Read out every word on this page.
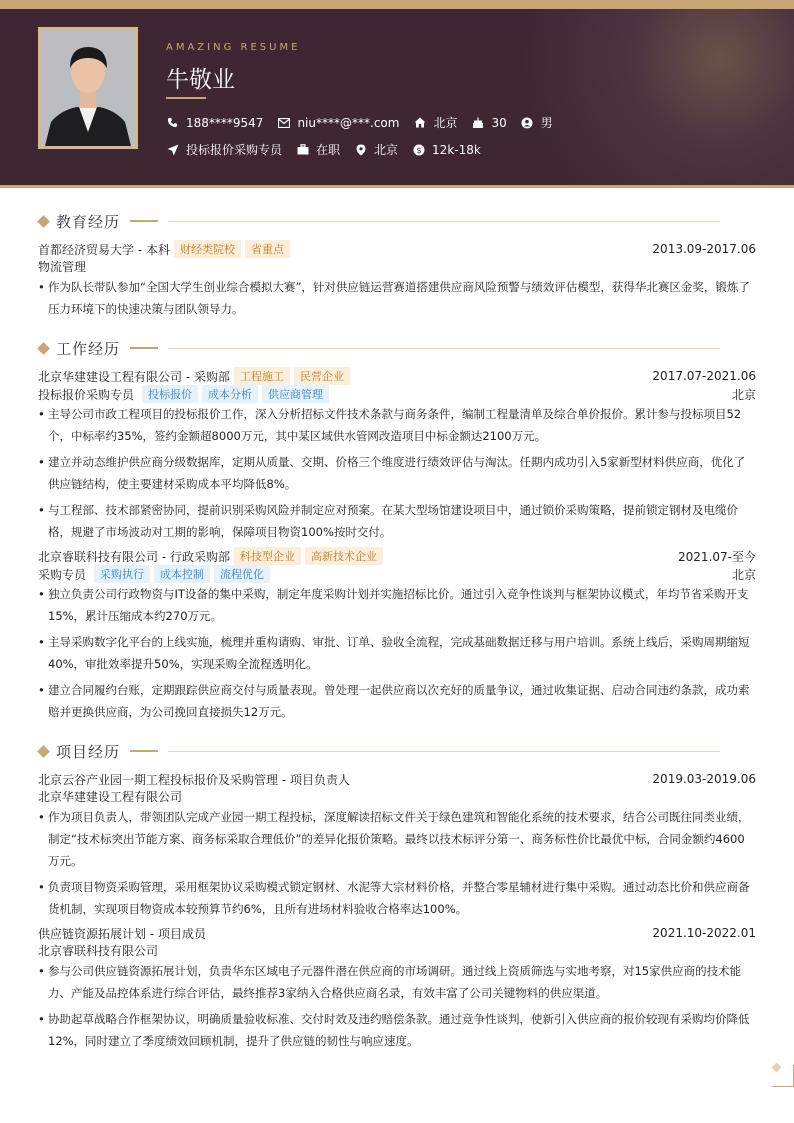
AMAZING RESUME
牛敬业
188****9547	niu****@***.com	北京	30	男
投标报价采购专员	在职	北京 $ 12k-18k
教育经历
首都经济贸易大学 - 本科 财经类院校	省重点	2013.09-2017.06
物流管理
• 作为队长带队参加“全国大学生创业综合模拟大赛”，针对供应链运营赛道搭建供应商风险预警与绩效评估模型，获得华北赛区金奖，锻炼了压力环境下的快速决策与团队领导力。
工作经历
北京华建建设工程有限公司 - 采购部 工程施工	民营企业	2017.07-2021.06
投标报价采购专员	投标报价	成本分析	供应商管理	北京
• 主导公司市政工程项目的投标报价工作，深入分析招标文件技术条款与商务条件，编制工程量清单及综合单价报价。累计参与投标项目52个，中标率约35%，签约金额超8000万元，其中某区域供水管网改造项目中标金额达2100万元。
• 建立并动态维护供应商分级数据库，定期从质量、交期、价格三个维度进行绩效评估与淘汰。任期内成功引入5家新型材料供应商，优化了供应链结构，使主要建材采购成本平均降低8%。
• 与工程部、技术部紧密协同，提前识别采购风险并制定应对预案。在某大型场馆建设项目中，通过锁价采购策略，提前锁定钢材及电缆价格，规避了市场波动对工期的影响，保障项目物资100%按时交付。
北京睿联科技有限公司 - 行政采购部 科技型企业	高新技术企业	2021.07-至今
采购专员	采购执行	成本控制	流程优化	北京
• 独立负责公司行政物资与IT设备的集中采购，制定年度采购计划并实施招标比价。通过引入竞争性谈判与框架协议模式，年均节省采购开支15%，累计压缩成本约270万元。
• 主导采购数字化平台的上线实施，梳理并重构请购、审批、订单、验收全流程，完成基础数据迁移与用户培训。系统上线后，采购周期缩短40%，审批效率提升50%，实现采购全流程透明化。
• 建立合同履约台账，定期跟踪供应商交付与质量表现。曾处理一起供应商以次充好的质量争议，通过收集证据、启动合同违约条款，成功索赔并更换供应商，为公司挽回直接损失12万元。
项目经历
北京云谷产业园一期工程投标报价及采购管理 - 项目负责人	2019.03-2019.06
北京华建建设工程有限公司
• 作为项目负责人，带领团队完成产业园一期工程投标，深度解读招标文件关于绿色建筑和智能化系统的技术要求，结合公司既往同类业绩，制定“技术标突出节能方案、商务标采取合理低价”的差异化报价策略。最终以技术标评分第一、商务标性价比最优中标，合同金额约4600万元。
• 负责项目物资采购管理，采用框架协议采购模式锁定钢材、水泥等大宗材料价格，并整合零星辅材进行集中采购。通过动态比价和供应商备货机制，实现项目物资成本较预算节约6%，且所有进场材料验收合格率达100%。
供应链资源拓展计划 - 项目成员	2021.10-2022.01
北京睿联科技有限公司
• 参与公司供应链资源拓展计划，负责华东区域电子元器件潜在供应商的市场调研。通过线上资质筛选与实地考察，对15家供应商的技术能力、产能及品控体系进行综合评估，最终推荐3家纳入合格供应商名录，有效丰富了公司关键物料的供应渠道。
• 协助起草战略合作框架协议，明确质量验收标准、交付时效及违约赔偿条款。通过竞争性谈判，使新引入供应商的报价较现有采购均价降低12%，同时建立了季度绩效回顾机制，提升了供应链的韧性与响应速度。
